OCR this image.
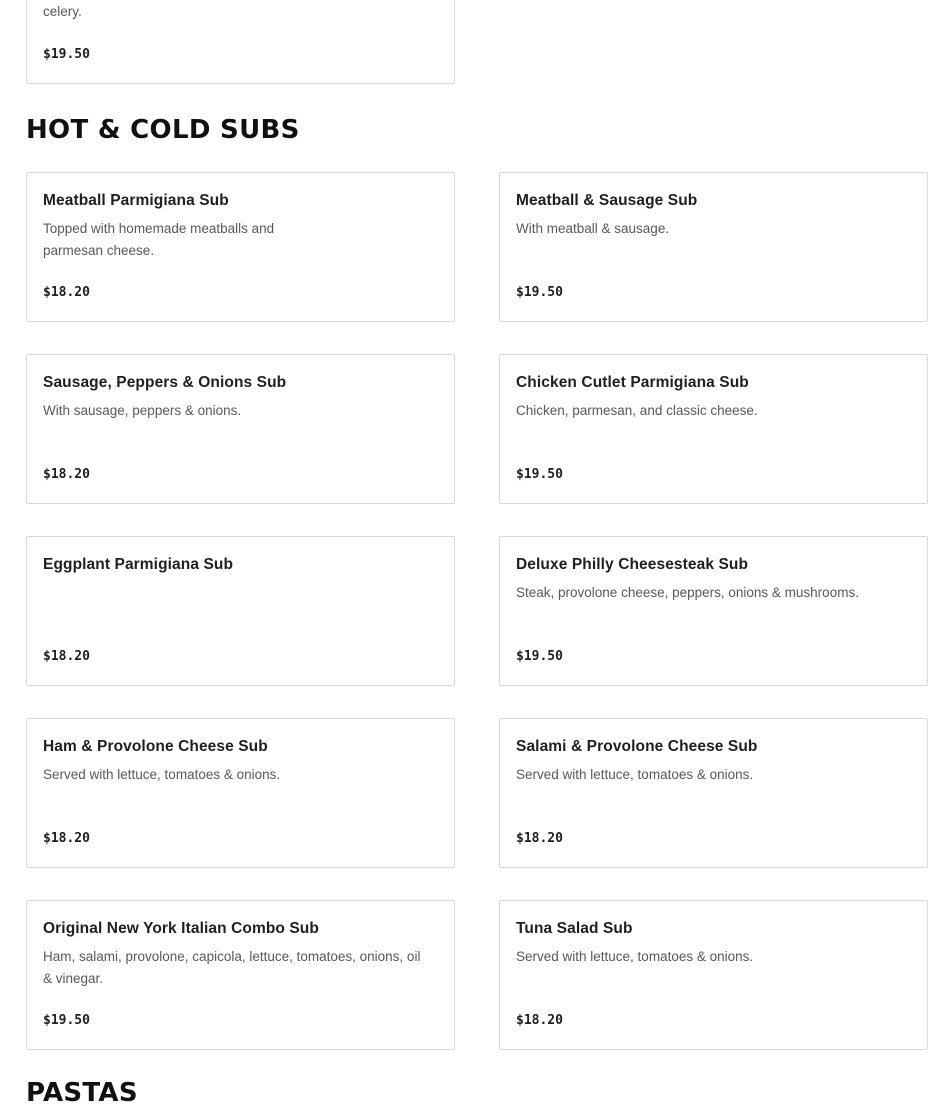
celery.
$19.50
HOT & COLD SUBS
Meatball Parmigiana Sub
Topped with homemade meatballs and parmesan cheese.
$18.20
Meatball & Sausage Sub
With meatball & sausage.
$19.50
Sausage, Peppers & Onions Sub
With sausage, peppers & onions.
$18.20
Chicken Cutlet Parmigiana Sub
Chicken, parmesan, and classic cheese.
$19.50
Eggplant Parmigiana Sub
$18.20
Deluxe Philly Cheesesteak Sub
Steak, provolone cheese, peppers, onions & mushrooms.
$19.50
Ham & Provolone Cheese Sub
Served with lettuce, tomatoes & onions.
$18.20
Salami & Provolone Cheese Sub
Served with lettuce, tomatoes & onions.
$18.20
Original New York Italian Combo Sub
Ham, salami, provolone, capicola, lettuce, tomatoes, onions, oil & vinegar.
$19.50
Tuna Salad Sub
Served with lettuce, tomatoes & onions.
$18.20
PASTAS
